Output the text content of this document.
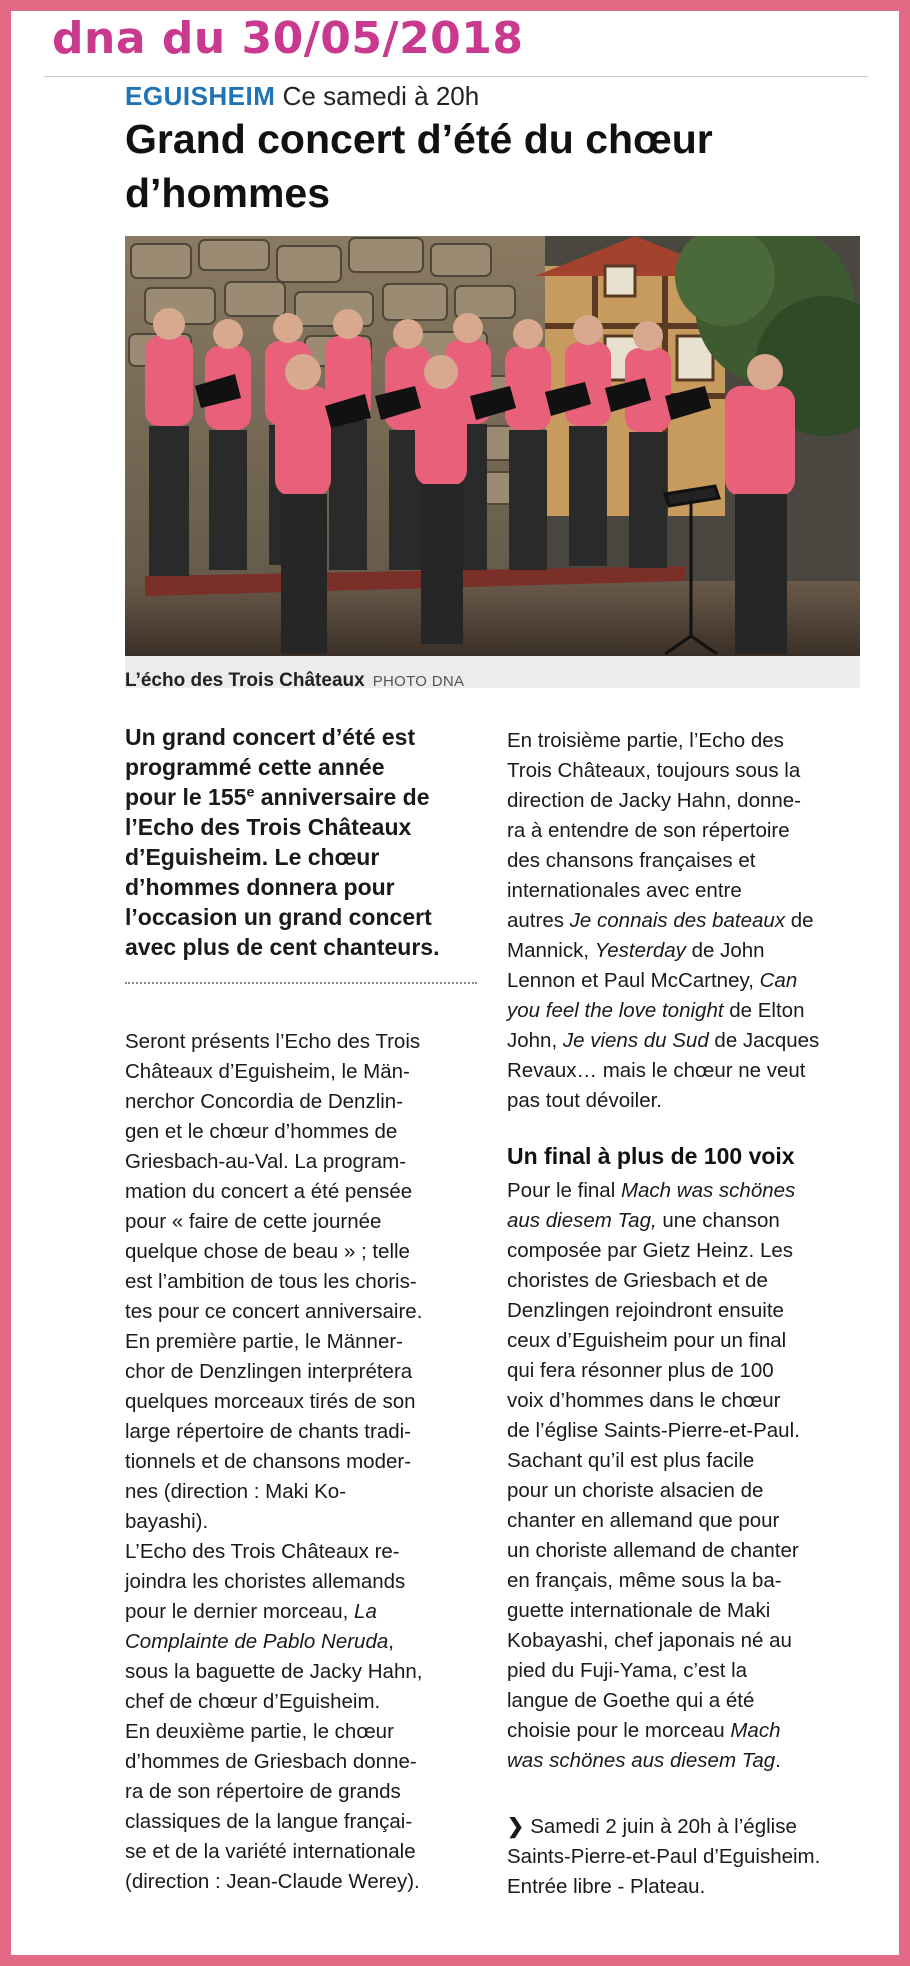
dna du 30/05/2018
EGUISHEIM Ce samedi à 20h
Grand concert d’été du chœur
d’hommes
L’écho des Trois Châteaux PHOTO DNA
Un grand concert d’été est
programmé cette année
pour le 155e anniversaire de
l’Echo des Trois Châteaux
d’Eguisheim. Le chœur
d’hommes donnera pour
l’occasion un grand concert
avec plus de cent chanteurs.
Seront présents l’Echo des Trois
Châteaux d’Eguisheim, le Män-
nerchor Concordia de Denzlin-
gen et le chœur d’hommes de
Griesbach-au-Val. La program-
mation du concert a été pensée
pour « faire de cette journée
quelque chose de beau » ; telle
est l’ambition de tous les choris-
tes pour ce concert anniversaire.
En première partie, le Männer-
chor de Denzlingen interprétera
quelques morceaux tirés de son
large répertoire de chants tradi-
tionnels et de chansons moder-
nes (direction : Maki Ko-
bayashi).
L’Echo des Trois Châteaux re-
joindra les choristes allemands
pour le dernier morceau, La
Complainte de Pablo Neruda,
sous la baguette de Jacky Hahn,
chef de chœur d’Eguisheim.
En deuxième partie, le chœur
d’hommes de Griesbach donne-
ra de son répertoire de grands
classiques de la langue françai-
se et de la variété internationale
(direction : Jean-Claude Werey).
En troisième partie, l’Echo des
Trois Châteaux, toujours sous la
direction de Jacky Hahn, donne-
ra à entendre de son répertoire
des chansons françaises et
internationales avec entre
autres Je connais des bateaux de
Mannick, Yesterday de John
Lennon et Paul McCartney, Can
you feel the love tonight de Elton
John, Je viens du Sud de Jacques
Revaux… mais le chœur ne veut
pas tout dévoiler.
Un final à plus de 100 voix
Pour le final Mach was schönes
aus diesem Tag, une chanson
composée par Gietz Heinz. Les
choristes de Griesbach et de
Denzlingen rejoindront ensuite
ceux d’Eguisheim pour un final
qui fera résonner plus de 100
voix d’hommes dans le chœur
de l’église Saints-Pierre-et-Paul.
Sachant qu’il est plus facile
pour un choriste alsacien de
chanter en allemand que pour
un choriste allemand de chanter
en français, même sous la ba-
guette internationale de Maki
Kobayashi, chef japonais né au
pied du Fuji-Yama, c’est la
langue de Goethe qui a été
choisie pour le morceau Mach
was schönes aus diesem Tag.
❯ Samedi 2 juin à 20h à l’église
Saints-Pierre-et-Paul d’Eguisheim.
Entrée libre - Plateau.
